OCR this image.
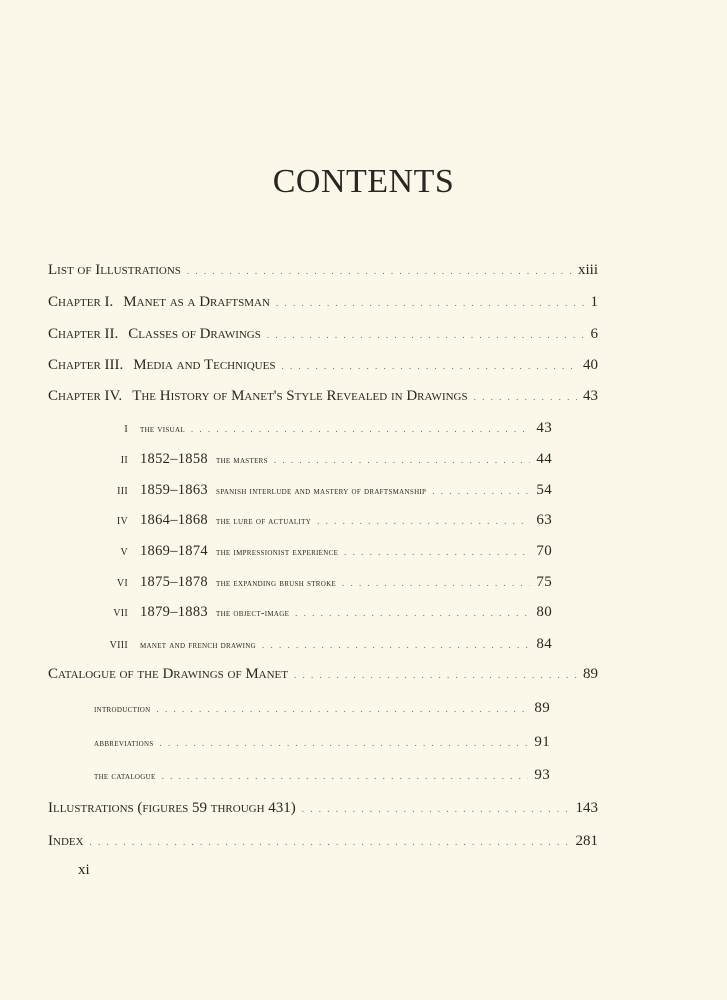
CONTENTS
List of Illustrations . . .	xiii
Chapter I. Manet as a Draftsman . . .	1
Chapter II. Classes of Drawings . . .	6
Chapter III. Media and Techniques . . .	40
Chapter IV. The History of Manet's Style Revealed in Drawings . . .	43
I the visual . . .	43
II 1852–1858 the masters . . .	44
III 1859–1863 spanish interlude and mastery of draftsmanship . . .	54
IV 1864–1868 the lure of actuality . . .	63
V 1869–1874 the impressionist experience . . .	70
VI 1875–1878 the expanding brush stroke . . .	75
VII 1879–1883 the object-image . . .	80
VIII manet and french drawing . . .	84
Catalogue of the Drawings of Manet . . .	89
introduction . . .	89
abbreviations . . .	91
the catalogue . . .	93
Illustrations (figures 59 through 431) . . .	143
Index . . .	281
xi
